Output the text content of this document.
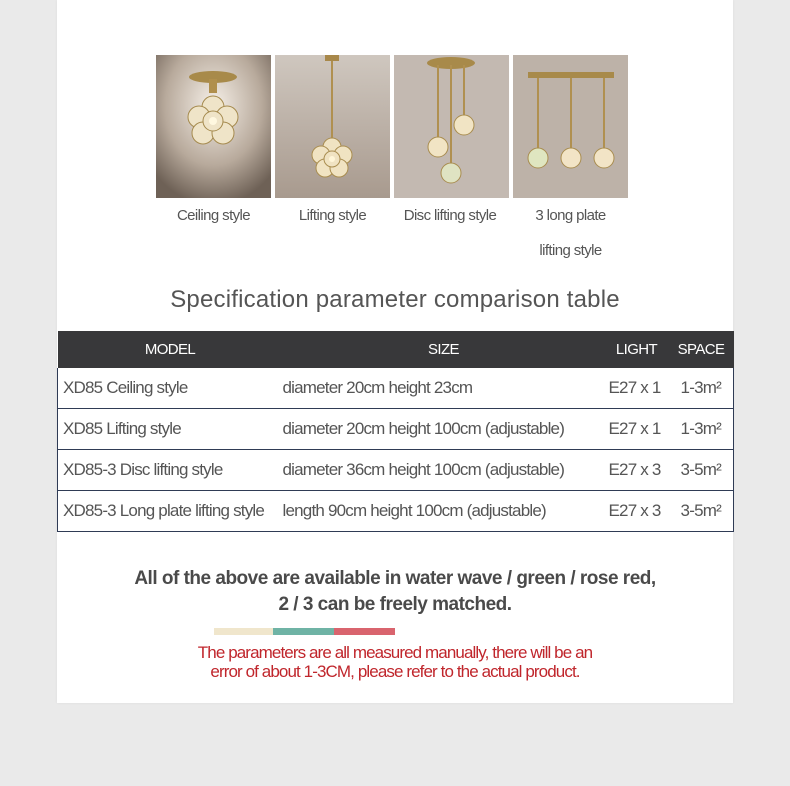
Ceiling style	Lifting style	Disc lifting style	3 long plate
lifting style
Specification parameter comparison table
MODEL	SIZE	LIGHT	SPACE
XD85 Ceiling style	diameter 20cm height 23cm	E27 x 1	1-3m²
XD85 Lifting style	diameter 20cm height 100cm (adjustable)	E27 x 1	1-3m²
XD85-3 Disc lifting style	diameter 36cm height 100cm (adjustable)	E27 x 3	3-5m²
XD85-3 Long plate lifting style	length 90cm height 100cm (adjustable)	E27 x 3	3-5m²
All of the above are available in water wave / green / rose red,
2 / 3 can be freely matched.
The parameters are all measured manually, there will be an
error of about 1-3CM, please refer to the actual product.
